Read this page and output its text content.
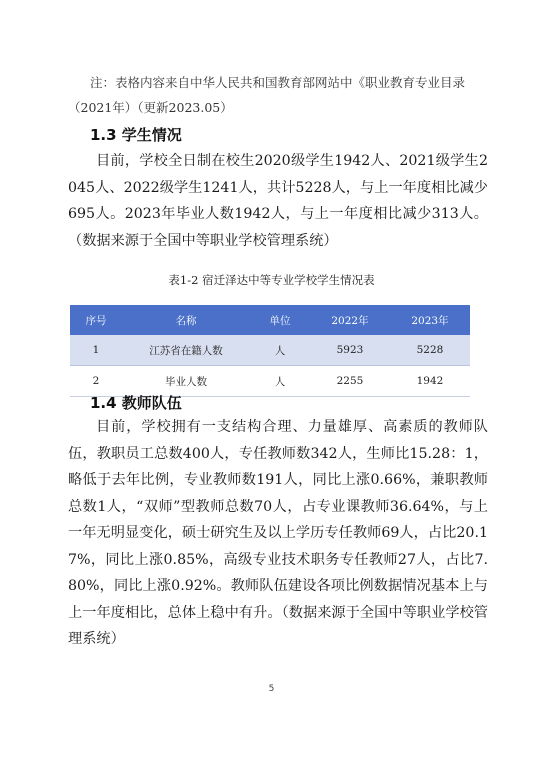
注：表格内容来自中华人民共和国教育部网站中《职业教育专业目录（2021年）（更新2023.05）
1.3 学生情况
目前，学校全日制在校生2020级学生1942人、2021级学生2045人、2022级学生1241人，共计5228人，与上一年度相比减少695人。2023年毕业人数1942人，与上一年度相比减少313人。（数据来源于全国中等职业学校管理系统）
表1-2 宿迁泽达中等专业学校学生情况表
序号	名称	单位	2022年	2023年
1	江苏省在籍人数	人	5923	5228
2	毕业人数	人	2255	1942
1.4 教师队伍
目前，学校拥有一支结构合理、力量雄厚、高素质的教师队伍，教职员工总数400人，专任教师数342人，生师比15.28：1，略低于去年比例，专业教师数191人，同比上涨0.66%，兼职教师总数1人，“双师”型教师总数70人，占专业课教师36.64%，与上一年无明显变化，硕士研究生及以上学历专任教师69人，占比20.17%，同比上涨0.85%，高级专业技术职务专任教师27人，占比7.80%，同比上涨0.92%。教师队伍建设各项比例数据情况基本上与上一年度相比，总体上稳中有升。（数据来源于全国中等职业学校管理系统）
5
